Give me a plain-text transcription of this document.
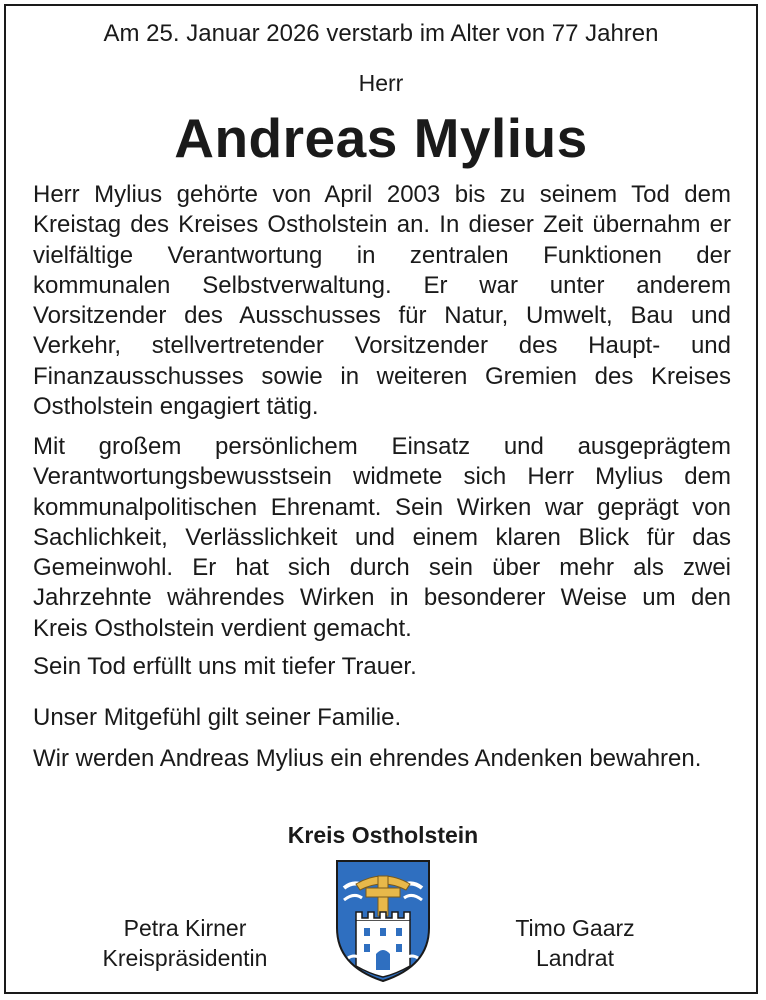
Am 25. Januar 2026 verstarb im Alter von 77 Jahren
Herr
Andreas Mylius

Herr Mylius gehörte von April 2003 bis zu seinem Tod dem Kreistag des Kreises Ostholstein an. In dieser Zeit übernahm er vielfältige Verantwortung in zentralen Funktionen der kommunalen Selbstverwaltung. Er war unter anderem Vorsitzender des Ausschusses für Natur, Umwelt, Bau und Verkehr, stellvertretender Vorsitzender des Haupt- und Finanzausschusses sowie in weiteren Gremien des Kreises Ostholstein engagiert tätig.

Mit großem persönlichem Einsatz und ausgeprägtem Verantwortungsbewusstsein widmete sich Herr Mylius dem kommunalpolitischen Ehrenamt. Sein Wirken war geprägt von Sachlichkeit, Verlässlichkeit und einem klaren Blick für das Gemeinwohl. Er hat sich durch sein über mehr als zwei Jahrzehnte währendes Wirken in besonderer Weise um den Kreis Ostholstein verdient gemacht.

Sein Tod erfüllt uns mit tiefer Trauer.

Unser Mitgefühl gilt seiner Familie.

Wir werden Andreas Mylius ein ehrendes Andenken bewahren.

Kreis Ostholstein
Petra Kirner
Kreispräsidentin
Timo Gaarz
Landrat
